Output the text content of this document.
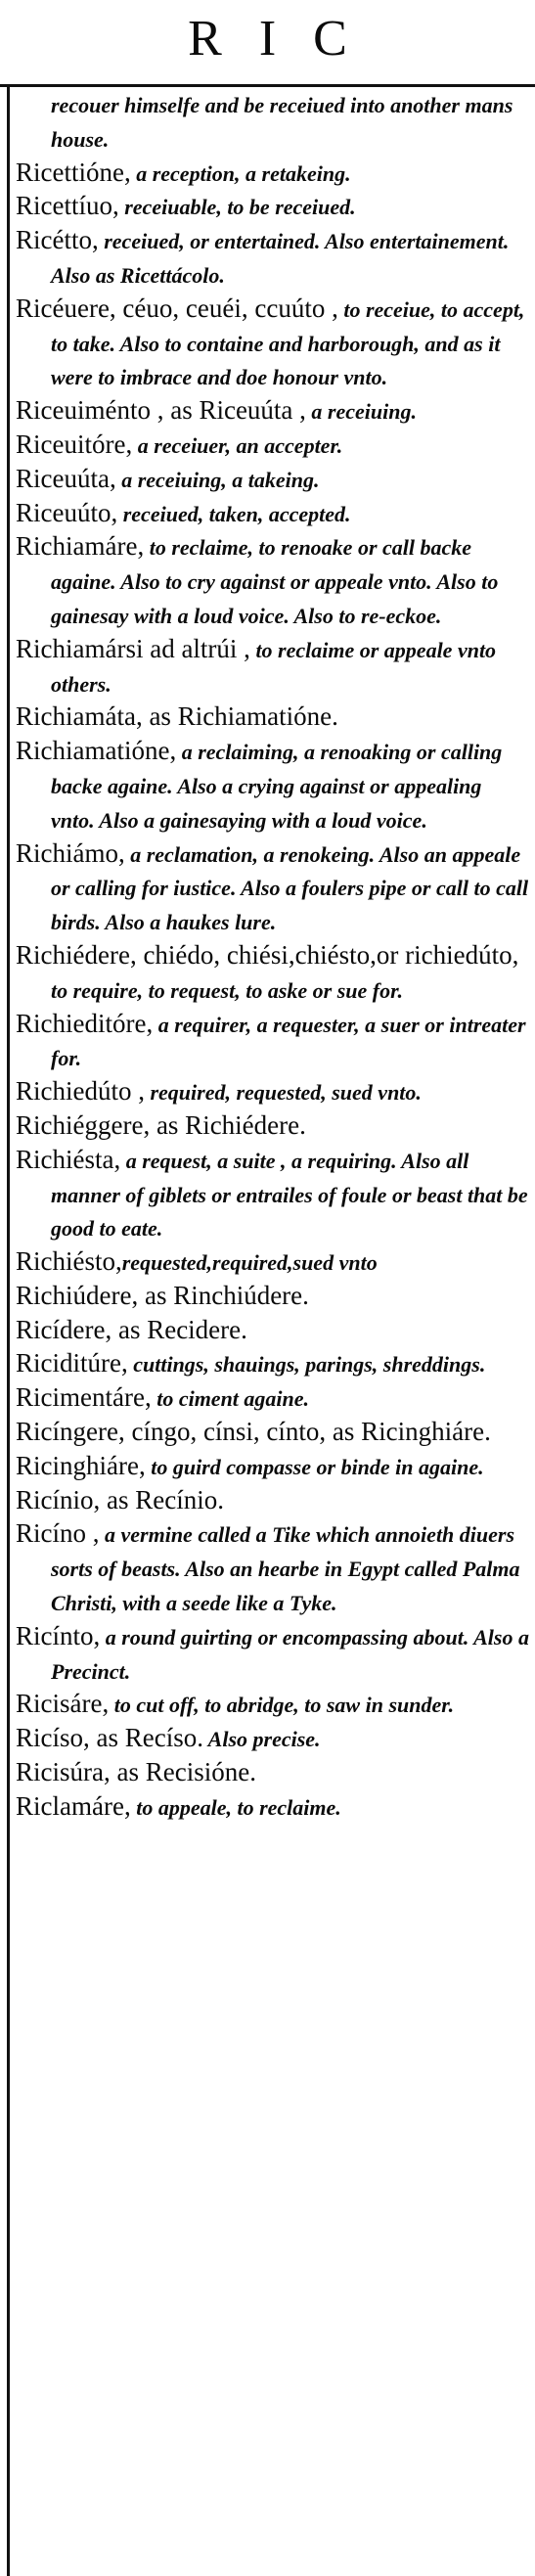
RIC

recouer himselfe and be receiued into another mans house.

Ricettióne, a reception, a retakeing.

Ricettíuo, receiuable, to be receiued.

Ricétto, receiued, or entertained. Also entertainement. Also as Ricettácolo.

Ricéuere, céuo, ceuéi, ccuúto , to receiue, to accept, to take. Also to containe and harborough, and as it were to imbrace and doe honour vnto.

Riceuiménto , as Riceuúta , a receiuing.

Riceuitóre, a receiuer, an accepter.

Riceuúta, a receiuing, a takeing.

Riceuúto, receiued, taken, accepted.

Richiamáre, to reclaime, to renoake or call backe againe. Also to cry against or appeale vnto. Also to gainesay with a loud voice. Also to re-eckoe.

Richiamársi ad altrúi , to reclaime or appeale vnto others.

Richiamáta, as Richiamatióne.

Richiamatióne, a reclaiming, a renoaking or calling backe againe. Also a crying against or appealing vnto. Also a gainesaying with a loud voice.

Richiámo, a reclamation, a renokeing. Also an appeale or calling for iustice. Also a foulers pipe or call to call birds. Also a haukes lure.

Richiédere, chiédo, chiési,chiésto,or richiedúto, to require, to request, to aske or sue for.

Richieditóre, a requirer, a requester, a suer or intreater for.

Richiedúto , required, requested, sued vnto.

Richiéggere, as Richiédere.

Richiésta, a request, a suite , a requiring. Also all manner of giblets or entrailes of foule or beast that be good to eate.

Richiésto,requested,required,sued vnto

Richiúdere, as Rinchiúdere.

Ricídere, as Recidere.

Riciditúre, cuttings, shauings, parings, shreddings.

Ricimentáre, to ciment againe.

Ricíngere, cíngo, cínsi, cínto, as Ricinghiáre.

Ricinghiáre, to guird compasse or binde in againe.

Ricínio, as Recínio.

Ricíno , a vermine called a Tike which annoieth diuers sorts of beasts. Also an hearbe in Egypt called Palma Christi, with a seede like a Tyke.

Ricínto, a round guirting or encompassing about. Also a Precinct.

Ricisáre, to cut off, to abridge, to saw in sunder.

Ricíso, as Recíso. Also precise.

Ricisúra, as Recisióne.

Riclamáre, to appeale, to reclaime.
